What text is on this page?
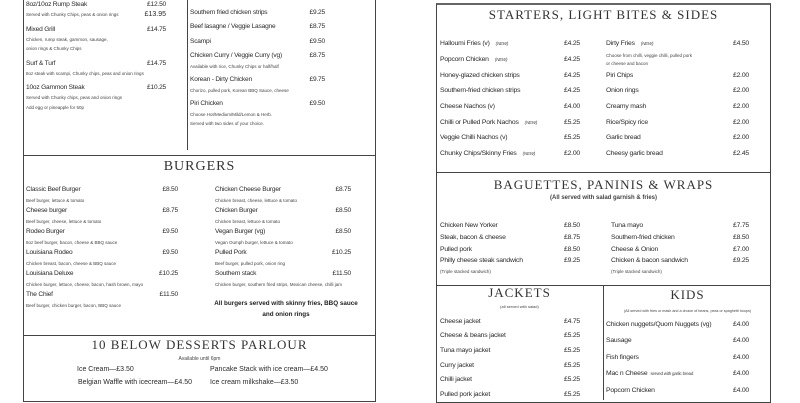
8oz/10oz Rump Steak	£12.50
Served with Chunky Chips, peas & onion rings	£13.95
Mixed Grill	£14.75
Chicken, rump steak, gammon, sausage,
onion rings & Chunky Chips
Surf & Turf	£14.75
8oz steak with scampi, Chunky chips, peas and onion rings
10oz Gammon Steak	£10.25
Served with Chunky chips, peas and onion rings
Add egg or pineapple for 50p
Southern fried chicken strips	£9.25
Beef lasagne / Veggie Lasagne	£8.75
Scampi	£9.50
Chicken Curry / Veggie Curry (vg)	£8.75
Available with rice, Chunky Chips or half/half
Korean - Dirty Chicken	£9.75
Chorizo, pulled pork, Korean BBQ Sauce, cheese
Piri Chicken	£9.50
Choose Hot/Medium/Mild/Lemon & Herb.
Served with two sides of your choice.
BURGERS
Classic Beef Burger	£8.50
Beef burger, lettuce & tomato
Cheese burger	£8.75
Beef burger, cheese, lettuce & tomato
Rodeo Burger	£9.50
8oz beef burger, bacon, cheese & BBQ sauce
Louisiana Rodeo	£9.50
Chicken breast, bacon, cheese & BBQ sauce
Louisiana Deluxe	£10.25
Chicken burger, lettuce, cheese, bacon, hash brown, mayo
The Chief	£11.50
Beef burger, chicken burger, bacon, BBQ sauce
Chicken Cheese Burger	£8.75
Chicken breast, cheese, lettuce & tomato
Chicken Burger	£8.50
Chicken breast, lettuce & tomato
Vegan Burger (vg)	£8.50
Vegan Oumph burger, lettuce & tomato
Pulled Pork	£10.25
Beef burger, pulled pork, onion ring
Southern stack	£11.50
Chicken burger, southern fried strips, Mexican cheese, chilli jam
All burgers served with skinny fries, BBQ sauce and onion rings
10 BELOW DESSERTS PARLOUR
Available until 6pm
Ice Cream—£3.50	Pancake Stack with ice cream—£4.50
Belgian Waffle with icecream—£4.50	Ice cream milkshake—£3.50
STARTERS, LIGHT BITES & SIDES
Halloumi Fries (v) (NEW)	£4.25
Popcorn Chicken (NEW)	£4.25
Honey-glazed chicken strips	£4.25
Southern-fried chicken strips	£4.25
Cheese Nachos (v)	£4.00
Chilli or Pulled Pork Nachos (NEW)	£5.25
Veggie Chilli Nachos (v)	£5.25
Chunky Chips/Skinny Fries (NEW)	£2.00
Dirty Fries (NEW)	£4.50
Choose from chilli, veggie chilli, pulled pork
or cheese and bacon
Piri Chips	£2.00
Onion rings	£2.00
Creamy mash	£2.00
Rice/Spicy rice	£2.00
Garlic bread	£2.00
Cheesy garlic bread	£2.45
BAGUETTES, PANINIS & WRAPS
(All served with salad garnish & fries)
Chicken New Yorker	£8.50
Steak, bacon & cheese	£8.75
Pulled pork	£8.50
Philly cheese steak sandwich	£9.25
(Triple stacked sandwich)
Tuna mayo	£7.75
Southern-fried chicken	£8.50
Cheese & Onion	£7.00
Chicken & bacon sandwich	£9.25
(Triple stacked sandwich)
JACKETS
(all served with salad)
Cheese jacket	£4.75
Cheese & beans jacket	£5.25
Tuna mayo jacket	£5.25
Curry jacket	£5.25
Chilli jacket	£5.25
Pulled pork jacket	£5.25
KIDS
(All served with fries or mash and a choice of beans, peas or spaghetti hoops)
Chicken nuggets/Quorn Nuggets (vg)	£4.00
Sausage	£4.00
Fish fingers	£4.00
Mac n Cheese served with garlic bread	£4.00
Popcorn Chicken	£4.00
